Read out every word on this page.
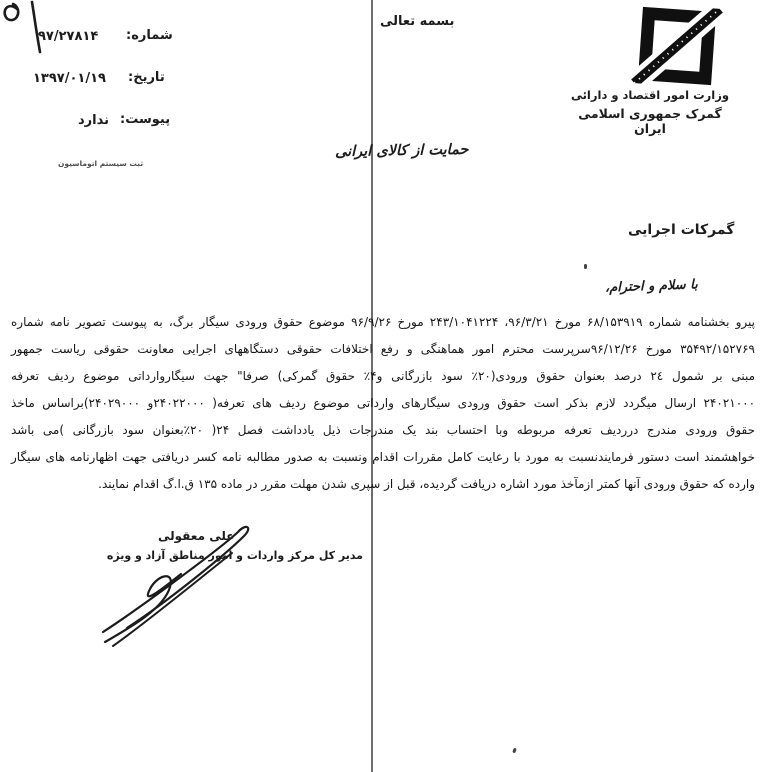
شماره:
۹۷/۲۷۸۱۴
تاریخ:
۱۳۹۷/۰۱/۱۹
پیوست:
ندارد
ثبت سیستم اتوماسیون
بسمه تعالی
وزارت امور اقتصاد و دارائی
گمرک جمهوری اسلامی ایران
حمایت از کالای ایرانی
گمرکات اجرایی
با سلام و احترام،
پیرو بخشنامه شماره ۶۸/۱۵۳۹۱۹ مورخ ۹۶/۳/۲۱، ۲۴۳/۱۰۴۱۲۲۴ مورخ ۹۶/۹/۲۶ موضوع حقوق ورودی سیگار برگ، به پیوست تصویر نامه شماره
۳۵۴۹۲/۱۵۲۷۶۹ مورخ ۹۶/۱۲/۲۶سرپرست محترم امور هماهنگی و رفع اختلافات حقوقی دستگاههای اجرایی معاونت حقوقی ریاست جمهور
مبنی بر شمول ۲٤ درصد بعنوان حقوق ورودی(۲۰٪ سود بازرگانی و۴٪ حقوق گمرکی) صرفا" جهت سیگاروارداتی موضوع ردیف تعرفه
۲۴۰۲۱۰۰۰ ارسال میگردد لازم بذکر است حقوق ورودی سیگارهای وارداتی موضوع ردیف های تعرفه( ۲۴۰۲۲۰۰۰و ۲۴۰۲۹۰۰۰)براساس ماخذ
حقوق ورودی مندرج درردیف تعرفه مربوطه وبا احتساب بند یک مندرجات ذیل یادداشت فصل ۲۴( ۲۰٪بعنوان سود بازرگانی )می باشد
خواهشمند است دستور فرمایندنسبت به مورد با رعایت کامل مقررات اقدام ونسبت به صدور مطالبه نامه کسر دریافتی جهت اظهارنامه های سیگار
وارده که حقوق ورودی آنها کمتر ازمآخذ مورد اشاره دریافت گردیده، قبل از سپری شدن مهلت مقرر در ماده ۱۳۵ ق.ا.گ اقدام نمایند.
علی معقولی
مدیر کل مرکز واردات و امور مناطق آزاد و ویژه
